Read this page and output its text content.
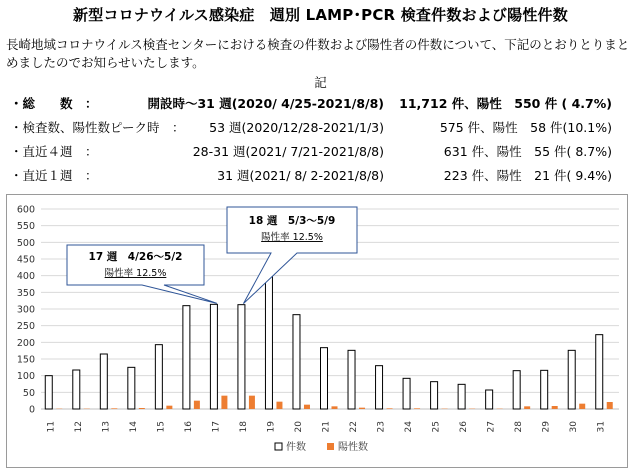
新型コロナウイルス感染症　週別 LAMP･PCR 検査件数および陽性件数
長崎地域コロナウイルス検査センターにおける検査の件数および陽性者の件数について、下記のとおりとりまとめましたのでお知らせいたします。
記
・総　　数　：	開設時～31 週(2020/ 4/25-2021/8/8) 11,712 件、陽性　550 件 ( 4.7%)
・検査数、陽性数ピーク時　： 53 週(2020/12/28-2021/1/3)	575 件、陽性　58 件(10.1%)
・直近４週　：	28-31 週(2021/ 7/21-2021/8/8)	631 件、陽性　55 件( 8.7%)
・直近１週　：	31 週(2021/ 8/ 2-2021/8/8)	223 件、陽性　21 件( 9.4%)
0
50
100
150
200
250
300
350
400
450
500
550
600
11 12 13 14 15 16 17 18 19 20 21 22 23 24 25 26 27 28 29 30 31
件数	陽性数
17 週　4/26～5/2
陽性率 12.5%
18 週　5/3～5/9
陽性率 12.5%
